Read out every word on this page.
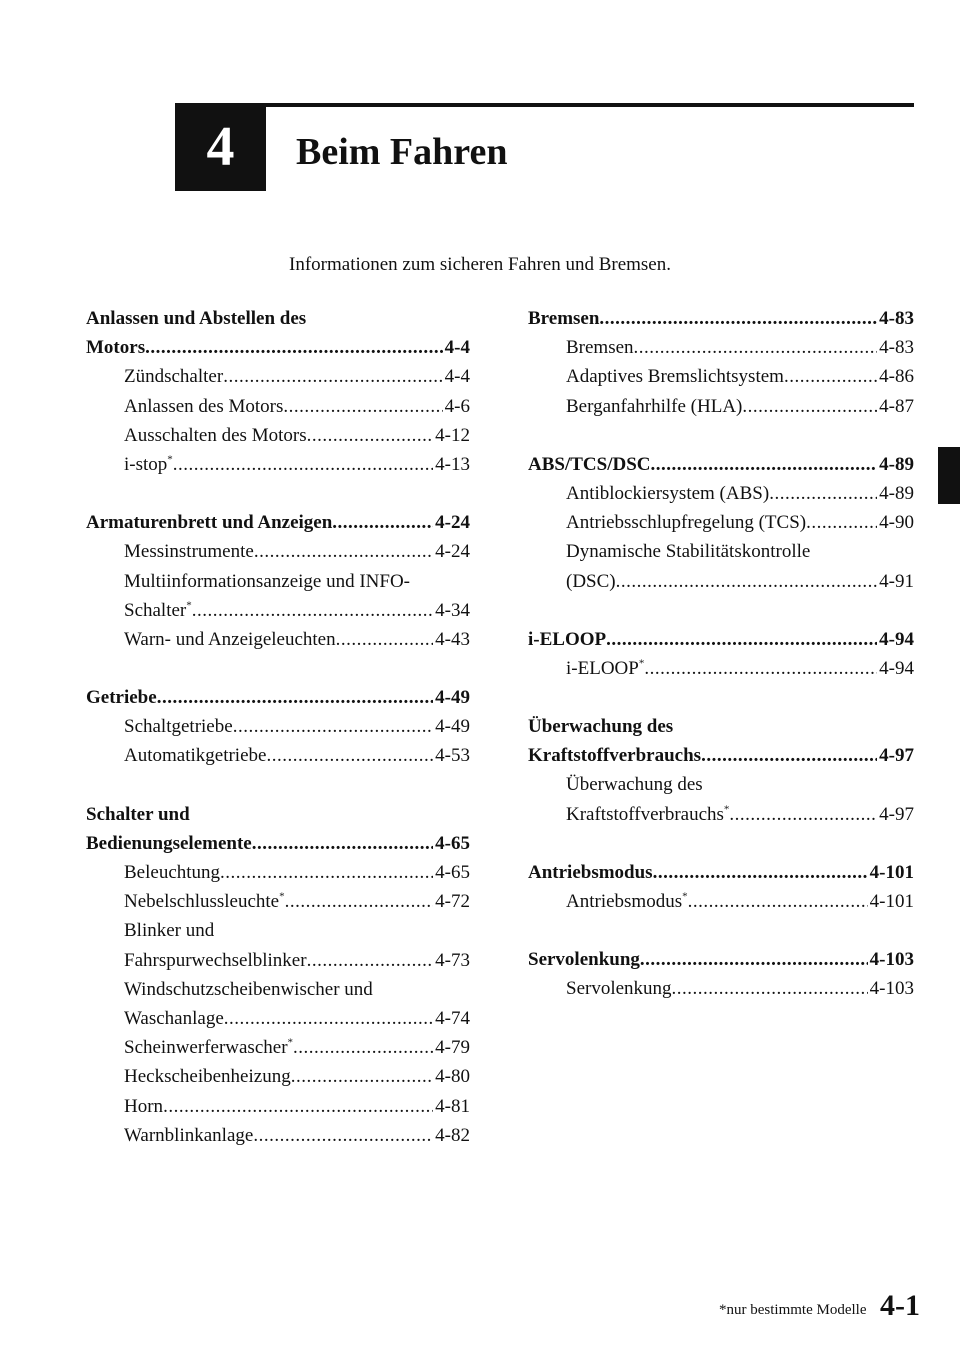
4	Beim Fahren
Informationen zum sicheren Fahren und Bremsen.
Anlassen und Abstellen des
Motors .....	4-4
Zündschalter .....	4-4
Anlassen des Motors .....	4-6
Ausschalten des Motors .....	4-12
i-stop* .....	4-13
Armaturenbrett und Anzeigen .....	4-24
Messinstrumente .....	4-24
Multiinformationsanzeige und INFO-
Schalter* .....	4-34
Warn- und Anzeigeleuchten .....	4-43
Getriebe .....	4-49
Schaltgetriebe .....	4-49
Automatikgetriebe .....	4-53
Schalter und
Bedienungselemente .....	4-65
Beleuchtung .....	4-65
Nebelschlussleuchte* .....	4-72
Blinker und
Fahrspurwechselblinker .....	4-73
Windschutzscheibenwischer und
Waschanlage .....	4-74
Scheinwerferwascher* .....	4-79
Heckscheibenheizung .....	4-80
Horn .....	4-81
Warnblinkanlage .....	4-82
Bremsen .....	4-83
Bremsen .....	4-83
Adaptives Bremslichtsystem .....	4-86
Berganfahrhilfe (HLA) .....	4-87
ABS/TCS/DSC .....	4-89
Antiblockiersystem (ABS) .....	4-89
Antriebsschlupfregelung (TCS) .....	4-90
Dynamische Stabilitätskontrolle
(DSC) .....	4-91
i-ELOOP .....	4-94
i-ELOOP* .....	4-94
Überwachung des
Kraftstoffverbrauchs .....	4-97
Überwachung des
Kraftstoffverbrauchs* .....	4-97
Antriebsmodus .....	4-101
Antriebsmodus* .....	4-101
Servolenkung .....	4-103
Servolenkung .....	4-103
*nur bestimmte Modelle 4-1
